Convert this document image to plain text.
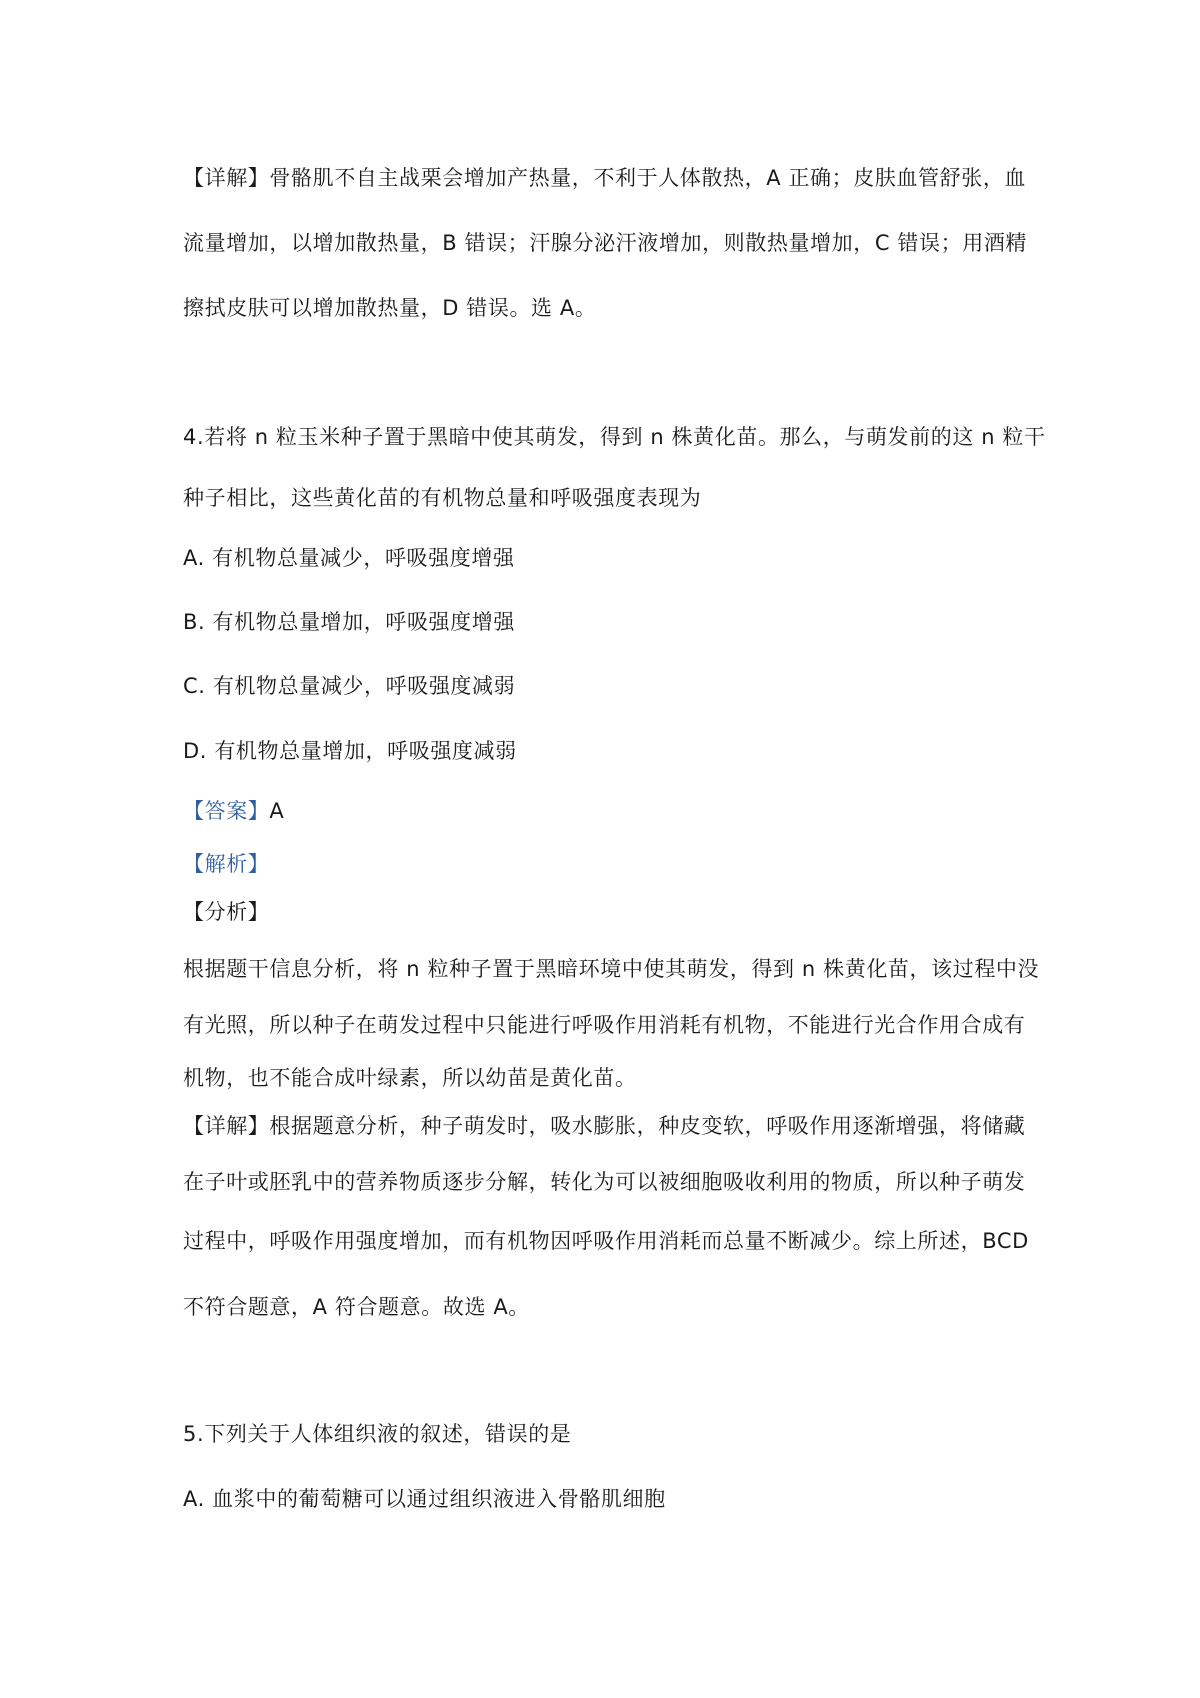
【详解】骨骼肌不自主战栗会增加产热量，不利于人体散热，A 正确；皮肤血管舒张，血
流量增加，以增加散热量，B 错误；汗腺分泌汗液增加，则散热量增加，C 错误；用酒精
擦拭皮肤可以增加散热量，D 错误。选 A。
4.若将 n 粒玉米种子置于黑暗中使其萌发，得到 n 株黄化苗。那么，与萌发前的这 n 粒干
种子相比，这些黄化苗的有机物总量和呼吸强度表现为
A. 有机物总量减少，呼吸强度增强
B. 有机物总量增加，呼吸强度增强
C. 有机物总量减少，呼吸强度减弱
D. 有机物总量增加，呼吸强度减弱
【答案】A
【解析】
【分析】
根据题干信息分析，将 n 粒种子置于黑暗环境中使其萌发，得到 n 株黄化苗，该过程中没
有光照，所以种子在萌发过程中只能进行呼吸作用消耗有机物，不能进行光合作用合成有
机物，也不能合成叶绿素，所以幼苗是黄化苗。
【详解】根据题意分析，种子萌发时，吸水膨胀，种皮变软，呼吸作用逐渐增强，将储藏
在子叶或胚乳中的营养物质逐步分解，转化为可以被细胞吸收利用的物质，所以种子萌发
过程中，呼吸作用强度增加，而有机物因呼吸作用消耗而总量不断减少。综上所述，BCD
不符合题意，A 符合题意。故选 A。
5.下列关于人体组织液的叙述，错误的是
A. 血浆中的葡萄糖可以通过组织液进入骨骼肌细胞
